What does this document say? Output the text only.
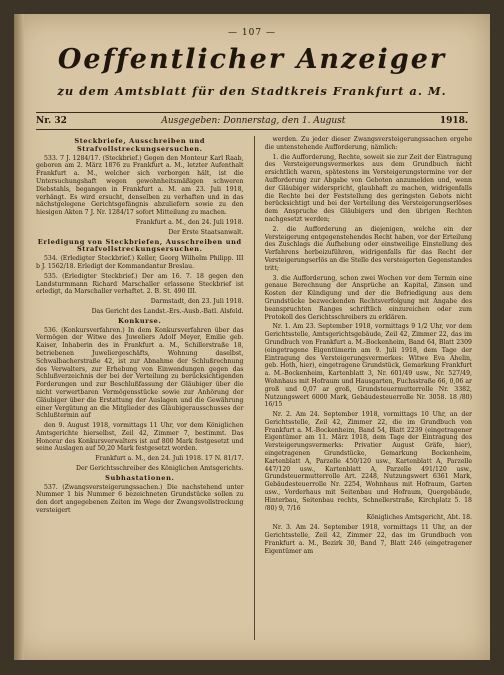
— 107 —
Oeffentlicher Anzeiger
zu dem Amtsblatt für den Stadtkreis Frankfurt a. M.
Nr. 32	Ausgegeben: Donnerstag, den 1. August	1918.
Steckbriefe, Ausschreiben und Strafvollstreckungsersuchen.

533. 7 J. 1284/17. (Steckbrief.) Gegen den Monteur Karl Raab, geboren am 2. März 1876 zu Frankfurt a. M., letzter Aufenthalt Frankfurt a. M., welcher sich verborgen hält, ist die Untersuchungshaft wegen gewohnheitsmäßigen schweren Diebstahls, begangen in Frankfurt a. M. am 23. Juli 1918, verhängt. Es wird ersucht, denselben zu verhaften und in das nächstgelegene Gerichtsgefängnis abzuliefern sowie zu den hiesigen Akten 7 J. Nr. 1284/17 sofort Mitteilung zu machen.

Frankfurt a. M., den 24. Juli 1918.

Der Erste Staatsanwalt.

Erledigung von Steckbriefen, Ausschreiben und Strafvollstreckungsersuchen.

534. (Erledigter Steckbrief.) Keller, Georg Wilhelm Philipp. III b J. 1562/18. Erledigt der Kommandantur Breslau.

535. (Erledigter Steckbrief.) Der am 16. 7. 18 gegen den Landsturmmann Richard Marschaller erlassene Steckbrief ist erledigt, da Marschaller verhaftet. 2. B. St. 490 III.

Darmstadt, den 23. Juli 1918.

Das Gericht des Landst.-Ers.-Ausb.-Batl. Alsfeld.

Konkurse.

536. (Konkursverfahren.) In dem Konkursverfahren über das Vermögen der Witwe des Juweliers Adolf Meyer, Emilie geb. Kaiser, Inhaberin des in Frankfurt a. M., Schillerstraße 18, betriebenen Juweliergeschäfts, Wohnung daselbst, Schwalbacherstraße 42, ist zur Abnahme der Schlußrechnung des Verwalters, zur Erhebung von Einwendungen gegen das Schlußverzeichnis der bei der Verteilung zu berücksichtigenden Forderungen und zur Beschlußfassung der Gläubiger über die nicht verwertbaren Vermögensstücke sowie zur Anhörung der Gläubiger über die Erstattung der Auslagen und die Gewährung einer Vergütung an die Mitglieder des Gläubigerausschusses der Schlußtermin auf

den 9. August 1918, vormittags 11 Uhr, vor dem Königlichen Amtsgerichte hierselbst, Zeil 42, Zimmer 7, bestimmt. Das Honorar des Konkursverwalters ist auf 800 Mark festgesetzt und seine Auslagen auf 50,20 Mark festgesetzt worden.

Frankfurt a. M., den 24. Juli 1918. 17 N. 81/17.

Der Gerichtsschreiber des Königlichen Amtsgerichts.

Subhastationen.

537. (Zwangsversteigerungssachen.) Die nachstehend unter Nummer 1 bis Nummer 6 bezeichneten Grundstücke sollen zu den dort angegebenen Zeiten im Wege der Zwangsvollstreckung versteigert

werden. Zu jeder dieser Zwangsversteigerungssachen ergehe die untenstehende Aufforderung, nämlich:

1. die Aufforderung, Rechte, soweit sie zur Zeit der Eintragung des Versteigerungsvermerkes aus dem Grundbuch nicht ersichtlich waren, spätestens im Versteigerungstermine vor der Aufforderung zur Abgabe von Geboten anzumelden und, wenn der Gläubiger widerspricht, glaubhaft zu machen, widrigenfalls die Rechte bei der Feststellung des geringsten Gebots nicht berücksichtigt und bei der Verteilung des Versteigerungserlöses dem Anspruche des Gläubigers und den übrigen Rechten nachgesetzt werden;

2. die Aufforderung an diejenigen, welche ein der Versteigerung entgegenstehendes Recht haben, vor der Erteilung des Zuschlags die Aufhebung oder einstweilige Einstellung des Verfahrens herbeizuführen, widrigenfalls für das Recht der Versteigerungserlös an die Stelle des versteigerten Gegenstandes tritt;

3. die Aufforderung, schon zwei Wochen vor dem Termin eine genaue Berechnung der Ansprüche an Kapital, Zinsen und Kosten der Kündigung und der die Befriedigung aus dem Grundstücke bezweckenden Rechtsverfolgung mit Angabe des beanspruchten Ranges schriftlich einzureichen oder zum Protokoll des Gerichtsschreibers zu erklären.

Nr. 1. Am 23. September 1918, vormittags 9 1/2 Uhr, vor dem Gerichtsstelle, Amtsgerichtsgebäude, Zeil 42, Zimmer 22, das im Grundbuch von Frankfurt a. M.-Bockenheim, Band 64, Blatt 2309 (eingetragene Eigentümerin am 9. Juli 1918, dem Tage der Eintragung des Versteigerungsvermerkes: Witwe Eva Ahelin, geb. Hoth, hier), eingetragene Grundstück, Gemarkung Frankfurt a. M.-Bockenheim, Kartenblatt 3, Nr. 601/49 usw., Nr. 527/49, Wohnhaus mit Hofraum und Hausgarten, Fuchsstraße 66, 0,06 ar groß und 0,07 ar groß, Grundsteuermutterrolle Nr. 3382, Nutzungswert 6000 Mark, Gebäudesteuerrolle Nr. 3058. 18 /80) 16/15

Nr. 2. Am 24. September 1918, vormittags 10 Uhr, an der Gerichtsstelle, Zeil 42, Zimmer 22, die im Grundbuch von Frankfurt a. M.-Bockenheim, Band 54, Blatt 2239 (eingetragener Eigentümer am 11. März 1918, dem Tage der Eintragung des Versteigerungsvermerks: Privatier August Gräfe, hier), eingetragenen Grundstücke, Gemarkung Bockenheim, Kartenblatt A, Parzelle 450/120 usw., Kartenblatt A, Parzelle 447/120 usw., Kartenblatt A, Parzelle 491/120 usw., Grundsteuermutterrolle Art. 2248, Nutzungswert 6361 Mark, Gebäudesteuerrolle Nr. 2254, Wohnhaus mit Hofraum, Garten usw., Vorderhaus mit Seitenbau und Hofraum, Quergebäude, Hinterbau, Seitenbau rechts, Schnellerstraße, Kirchplatz 5. 18 /80) 9, 7/16

Königliches Amtsgericht, Abt. 18.

Nr. 3. Am 24. September 1918, vormittags 11 Uhr, an der Gerichtsstelle, Zeil 42, Zimmer 22, das im Grundbuch von Frankfurt a. M., Bezirk 30, Band 7, Blatt 246 (eingetragener Eigentümer am
